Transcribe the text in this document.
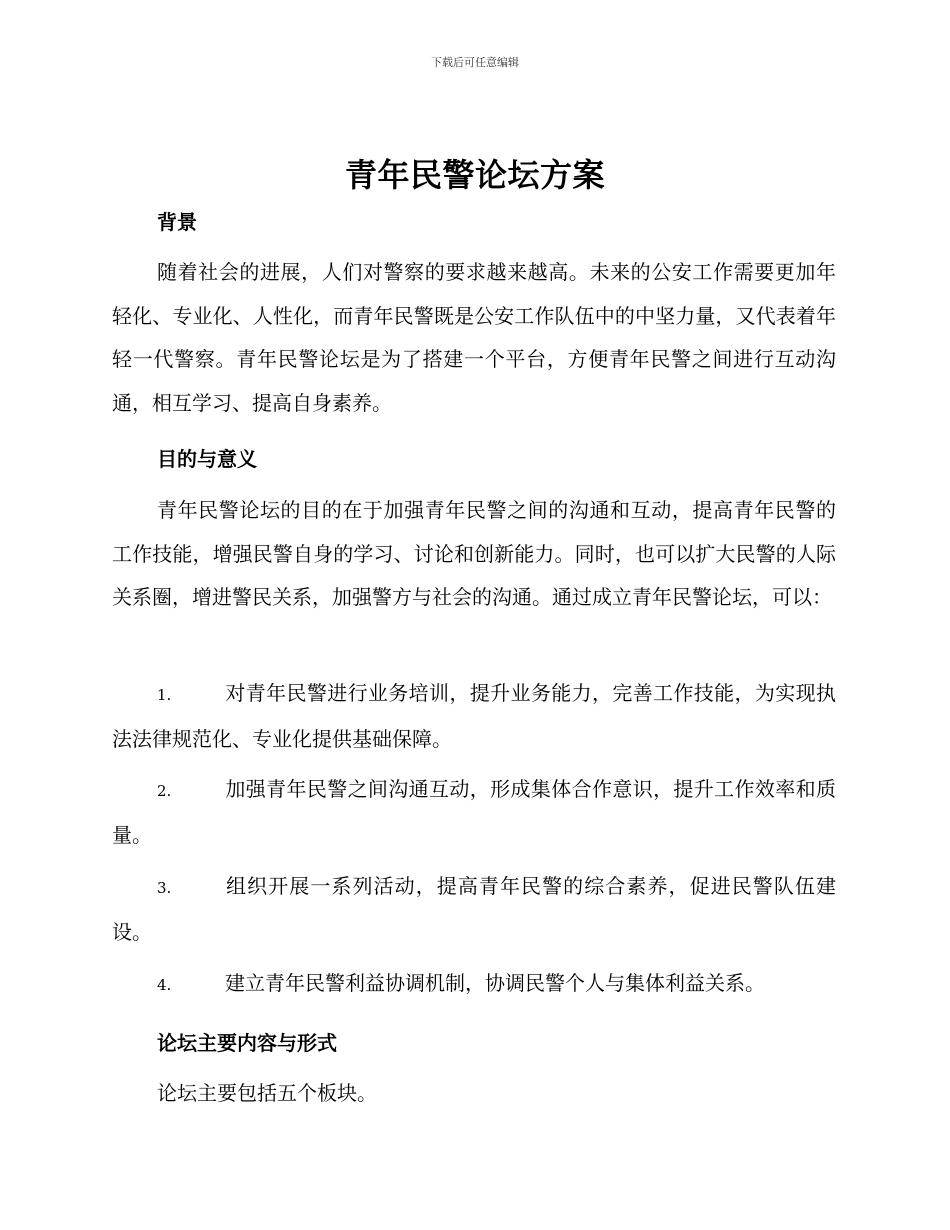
下载后可任意编辑
青年民警论坛方案
背景

随着社会的进展，人们对警察的要求越来越高。未来的公安工作需要更加年轻化、专业化、人性化，而青年民警既是公安工作队伍中的中坚力量，又代表着年轻一代警察。青年民警论坛是为了搭建一个平台，方便青年民警之间进行互动沟通，相互学习、提高自身素养。

目的与意义

青年民警论坛的目的在于加强青年民警之间的沟通和互动，提高青年民警的工作技能，增强民警自身的学习、讨论和创新能力。同时，也可以扩大民警的人际关系圈，增进警民关系，加强警方与社会的沟通。通过成立青年民警论坛，可以：

1.	对青年民警进行业务培训，提升业务能力，完善工作技能，为实现执法法律规范化、专业化提供基础保障。

2.	加强青年民警之间沟通互动，形成集体合作意识，提升工作效率和质量。

3.	组织开展一系列活动，提高青年民警的综合素养，促进民警队伍建设。

4.	建立青年民警利益协调机制，协调民警个人与集体利益关系。

论坛主要内容与形式

论坛主要包括五个板块。
